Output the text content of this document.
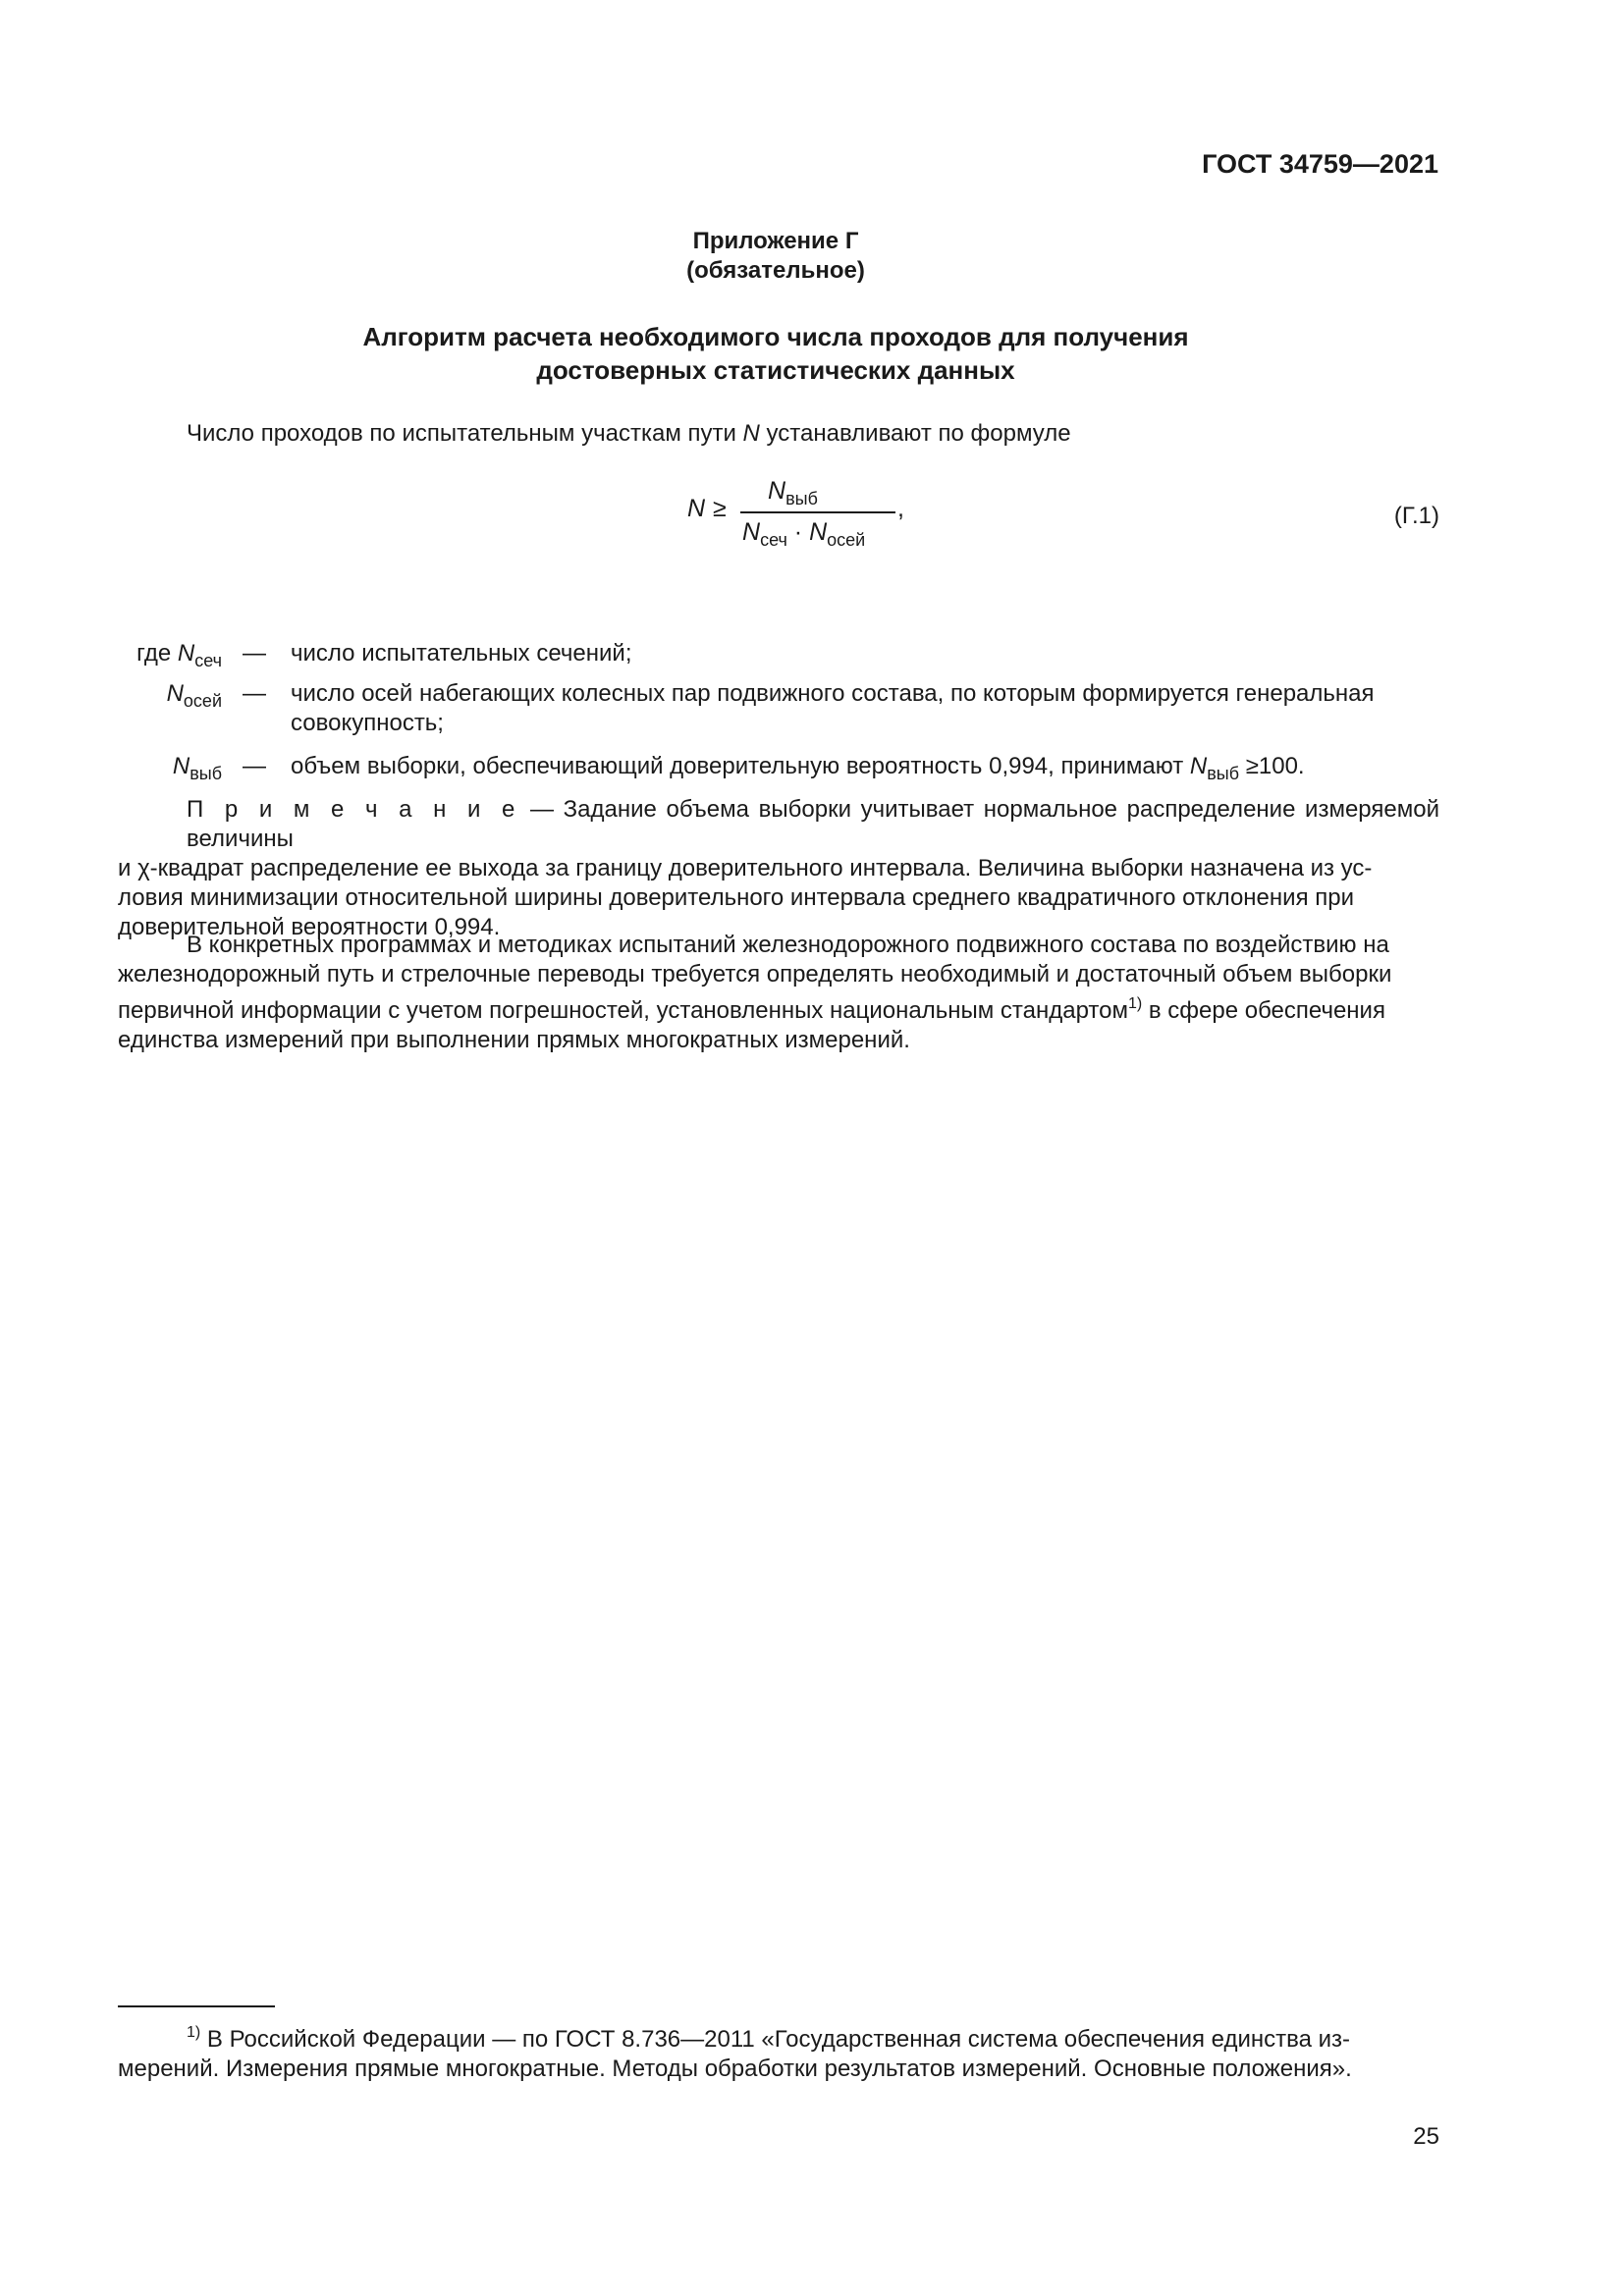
ГОСТ 34759—2021
Приложение Г
(обязательное)
Алгоритм расчета необходимого числа проходов для получения
достоверных статистических данных
Число проходов по испытательным участкам пути N устанавливают по формуле
N ≥
$N_{выб}$
$N_{сеч} \cdot N_{осей}$
,	(Г.1)
где $N_{сеч}$ — число испытательных сечений;
$N_{осей}$ — число осей набегающих колесных пар подвижного состава, по которым формируется генеральная
совокупность;
$N_{выб}$ — объем выборки, обеспечивающий доверительную вероятность 0,994, принимают $N_{выб} \ge 100$.
П р и м е ч а н и е — Задание объема выборки учитывает нормальное распределение измеряемой величины
и χ-квадрат распределение ее выхода за границу доверительного интервала. Величина выборки назначена из ус-
ловия минимизации относительной ширины доверительного интервала среднего квадратичного отклонения при
доверительной вероятности 0,994.
В конкретных программах и методиках испытаний железнодорожного подвижного состава по воздействию на
железнодорожный путь и стрелочные переводы требуется определять необходимый и достаточный объем выборки
первичной информации с учетом погрешностей, установленных национальным стандартом$^{1)}$ в сфере обеспечения
единства измерений при выполнении прямых многократных измерений.
$^{1)}$ В Российской Федерации — по ГОСТ 8.736—2011 «Государственная система обеспечения единства из-
мерений. Измерения прямые многократные. Методы обработки результатов измерений. Основные положения».
25
